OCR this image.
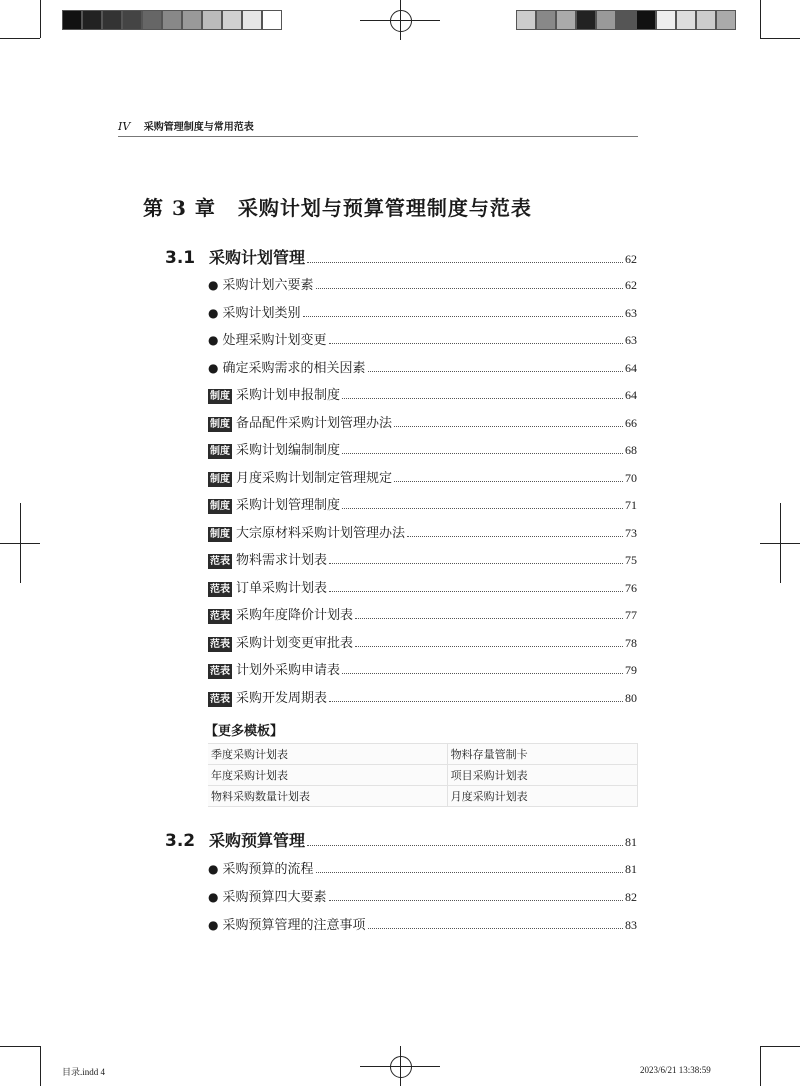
IV 采购管理制度与常用范表
第 3 章 采购计划与预算管理制度与范表
3.1 采购计划管理	62
● 采购计划六要素	62
● 采购计划类别	63
● 处理采购计划变更	63
● 确定采购需求的相关因素	64
制度 采购计划申报制度	64
制度 备品配件采购计划管理办法	66
制度 采购计划编制制度	68
制度 月度采购计划制定管理规定	70
制度 采购计划管理制度	71
制度 大宗原材料采购计划管理办法	73
范表 物料需求计划表	75
范表 订单采购计划表	76
范表 采购年度降价计划表	77
范表 采购计划变更审批表	78
范表 计划外采购申请表	79
范表 采购开发周期表	80
【更多模板】
季度采购计划表	物料存量管制卡
年度采购计划表	项目采购计划表
物料采购数量计划表	月度采购计划表
3.2 采购预算管理	81
● 采购预算的流程	81
● 采购预算四大要素	82
● 采购预算管理的注意事项	83
目录.indd 4	2023/6/21 13:38:59
